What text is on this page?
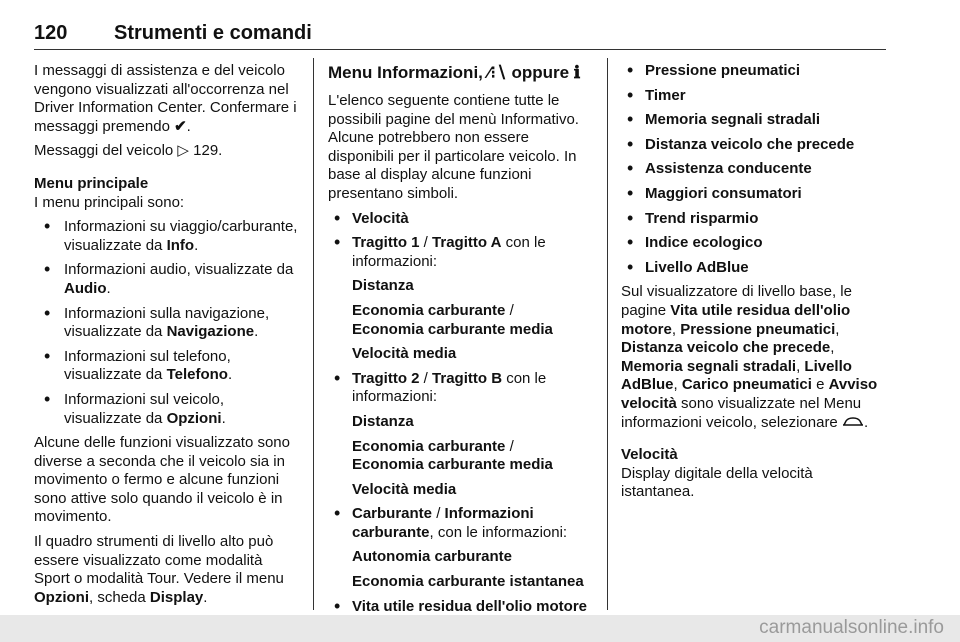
120 Strumenti e comandi

I messaggi di assistenza e del veicolo vengono visualizzati all'occorrenza nel Driver Information Center. Confermare i messaggi premendo ✔.

Messaggi del veicolo ▷ 129.

Menu principale

I menu principali sono:

• Informazioni su viaggio/carburante, visualizzate da Info.
• Informazioni audio, visualizzate da Audio.
• Informazioni sulla navigazione, visualizzate da Navigazione.
• Informazioni sul telefono, visualizzate da Telefono.
• Informazioni sul veicolo, visualizzate da Opzioni.

Alcune delle funzioni visualizzato sono diverse a seconda che il veicolo sia in movimento o fermo e alcune funzioni sono attive solo quando il veicolo è in movimento.

Il quadro strumenti di livello alto può essere visualizzato come modalità Sport o modalità Tour. Vedere il menu Opzioni, scheda Display.

Menu Informazioni, ⁄⁝∖ oppure ℹ

L'elenco seguente contiene tutte le possibili pagine del menù Informativo. Alcune potrebbero non essere disponibili per il particolare veicolo. In base al display alcune funzioni presentano simboli.

• Velocità
• Tragitto 1 / Tragitto A con le informazioni:
Distanza
Economia carburante /
Economia carburante media
Velocità media
• Tragitto 2 / Tragitto B con le informazioni:
Distanza
Economia carburante /
Economia carburante media
Velocità media
• Carburante / Informazioni carburante, con le informazioni:
Autonomia carburante
Economia carburante istantanea
• Vita utile residua dell'olio motore
• Pressione pneumatici
• Timer
• Memoria segnali stradali
• Distanza veicolo che precede
• Assistenza conducente
• Maggiori consumatori
• Trend risparmio
• Indice ecologico
• Livello AdBlue

Sul visualizzatore di livello base, le pagine Vita utile residua dell'olio motore, Pressione pneumatici, Distanza veicolo che precede, Memoria segnali stradali, Livello AdBlue, Carico pneumatici e Avviso velocità sono visualizzate nel Menu informazioni veicolo, selezionare .

Velocità

Display digitale della velocità istantanea.

carmanualsonline.info
